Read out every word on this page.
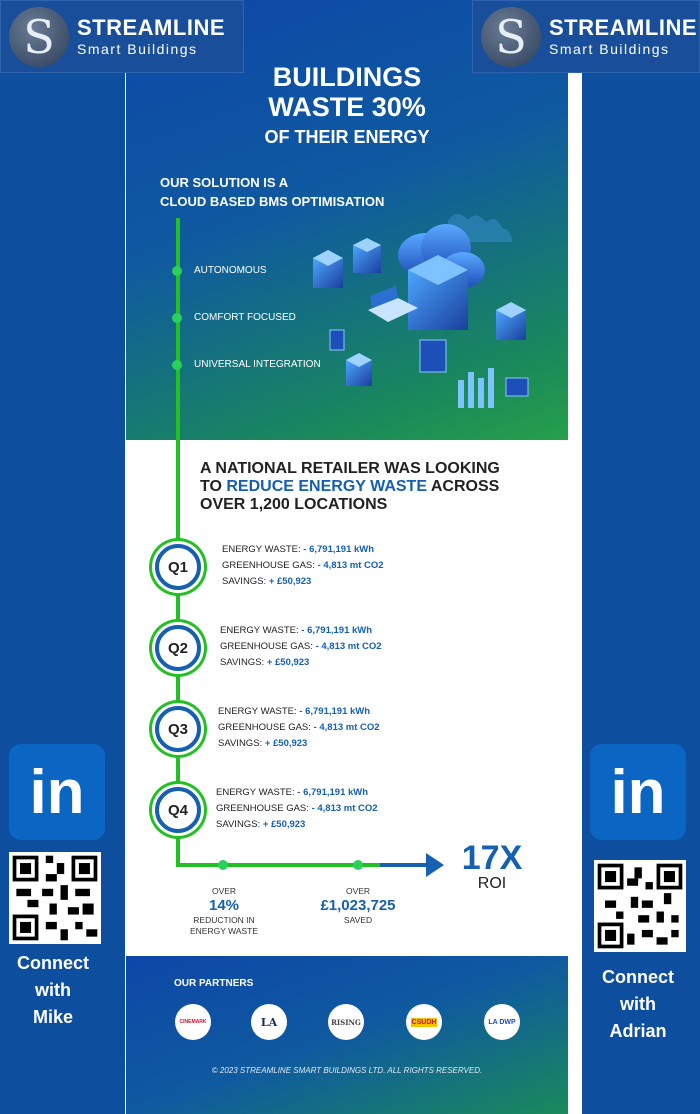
S	STREAMLINE
Smart Buildings	S	STREAMLINE
Smart Buildings
BUILDINGS
WASTE 30%
OF THEIR ENERGY
OUR SOLUTION IS A
CLOUD BASED BMS OPTIMISATION
AUTONOMOUS
COMFORT FOCUSED
UNIVERSAL INTEGRATION
A NATIONAL RETAILER WAS LOOKING
TO REDUCE ENERGY WASTE ACROSS
OVER 1,200 LOCATIONS
Q1
ENERGY WASTE: - 6,791,191 kWh
GREENHOUSE GAS: - 4,813 mt CO2
SAVINGS: + £50,923
Q2
ENERGY WASTE: - 6,791,191 kWh
GREENHOUSE GAS: - 4,813 mt CO2
SAVINGS: + £50,923
Q3
ENERGY WASTE: - 6,791,191 kWh
GREENHOUSE GAS: - 4,813 mt CO2
SAVINGS: + £50,923
Q4
ENERGY WASTE: - 6,791,191 kWh
GREENHOUSE GAS: - 4,813 mt CO2
SAVINGS: + £50,923
OVER
14%
REDUCTION IN
ENERGY WASTE
OVER
£1,023,725
SAVED
17X
ROI
OUR PARTNERS
CINEMARK	LA	RISING	CSUDH	LA DWP
© 2023 STREAMLINE SMART BUILDINGS LTD. ALL RIGHTS RESERVED.
in	in
Connect
with
Mike
Connect
with
Adrian
